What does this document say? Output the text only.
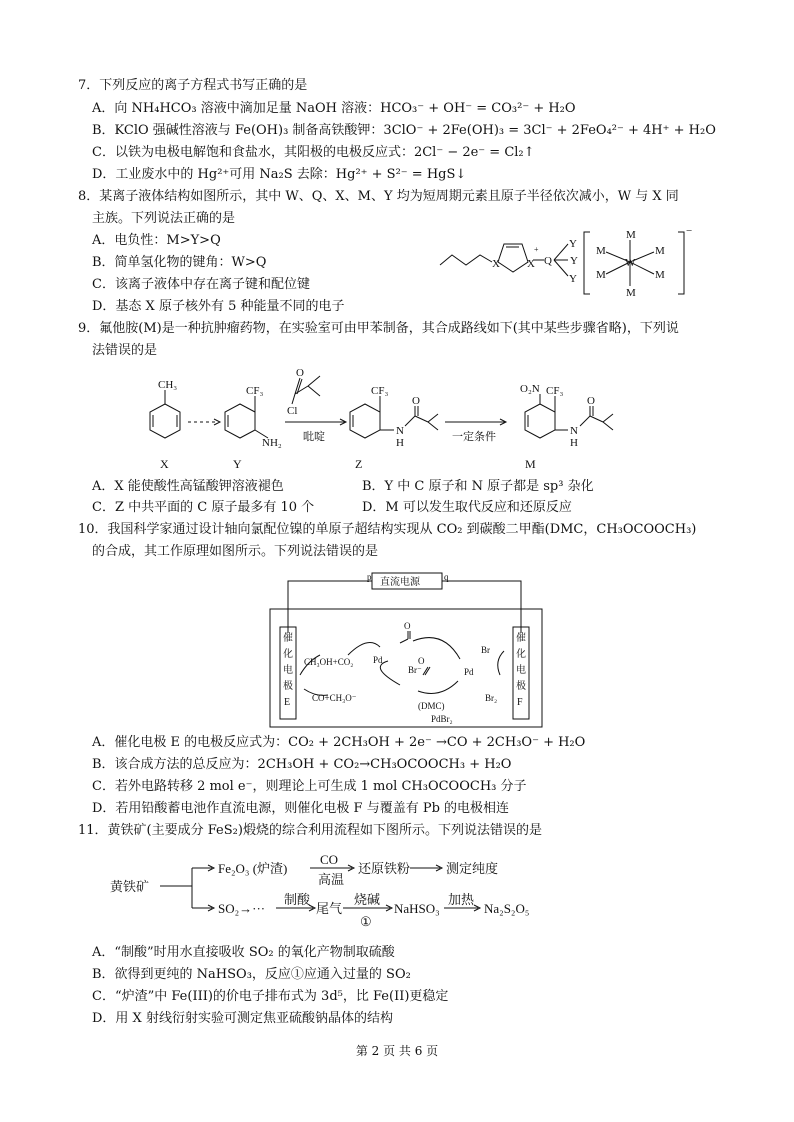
7．下列反应的离子方程式书写正确的是
A．向 NH₄HCO₃ 溶液中滴加足量 NaOH 溶液：HCO₃⁻ + OH⁻ = CO₃²⁻ + H₂O
B．KClO 强碱性溶液与 Fe(OH)₃ 制备高铁酸钾：3ClO⁻ + 2Fe(OH)₃ = 3Cl⁻ + 2FeO₄²⁻ + 4H⁺ + H₂O
C．以铁为电极电解饱和食盐水，其阳极的电极反应式：2Cl⁻ − 2e⁻ = Cl₂↑
D．工业废水中的 Hg²⁺可用 Na₂S 去除：Hg²⁺ + S²⁻ = HgS↓
8．某离子液体结构如图所示，其中 W、Q、X、M、Y 均为短周期元素且原子半径依次减小，W 与 X 同
主族。下列说法正确的是
A．电负性：M>Y>Q
B．简单氢化物的键角：W>Q
C．该离子液体中存在离子键和配位键
D．基态 X 原子核外有 5 种能量不同的电子
X X
+
Q
Y
Y
Y
M
M
M
M
M
M
W
−
9．氟他胺(M)是一种抗肿瘤药物，在实验室可由甲苯制备，其合成路线如下(其中某些步骤省略)，下列说
法错误的是
CH₃	CF₃
NH₂
O
Cl
吡啶
CF₃
N
H
O
一定条件
O₂N CF₃
N
H
O
X	Y	Z	M
A．X 能使酸性高锰酸钾溶液褪色	B．Y 中 C 原子和 N 原子都是 sp³ 杂化
C．Z 中共平面的 C 原子最多有 10 个	D．M 可以发生取代反应和还原反应
10．我国科学家通过设计轴向氯配位镍的单原子超结构实现从 CO₂ 到碳酸二甲酯(DMC，CH₃OCOOCH₃)
的合成，其工作原理如图所示。下列说法错误的是
p	q
直流电源
催
化
电
极
E
催
化
电
极
F
CH₃OH+CO₂
CO+CH₃O⁻
Pd
O
Br⁻	Pd
Br
Br₂
O
(DMC)
PdBr₂
A．催化电极 E 的电极反应式为：CO₂ + 2CH₃OH + 2e⁻ →CO + 2CH₃O⁻ + H₂O
B．该合成方法的总反应为：2CH₃OH + CO₂→CH₃OCOOCH₃ + H₂O
C．若外电路转移 2 mol e⁻，则理论上可生成 1 mol CH₃OCOOCH₃ 分子
D．若用铅酸蓄电池作直流电源，则催化电极 F 与覆盖有 Pb 的电极相连
11．黄铁矿(主要成分 FeS₂)煅烧的综合利用流程如下图所示。下列说法错误的是
黄铁矿
Fe₂O₃ (炉渣)
CO
高温
还原铁粉	测定纯度
SO₂→···
制酸
尾气
烧碱
①
NaHSO₃
加热
Na₂S₂O₅
A．“制酸”时用水直接吸收 SO₂ 的氧化产物制取硫酸
B．欲得到更纯的 NaHSO₃，反应①应通入过量的 SO₂
C．“炉渣”中 Fe(III)的价电子排布式为 3d⁵，比 Fe(II)更稳定
D．用 X 射线衍射实验可测定焦亚硫酸钠晶体的结构
第 2 页 共 6 页
